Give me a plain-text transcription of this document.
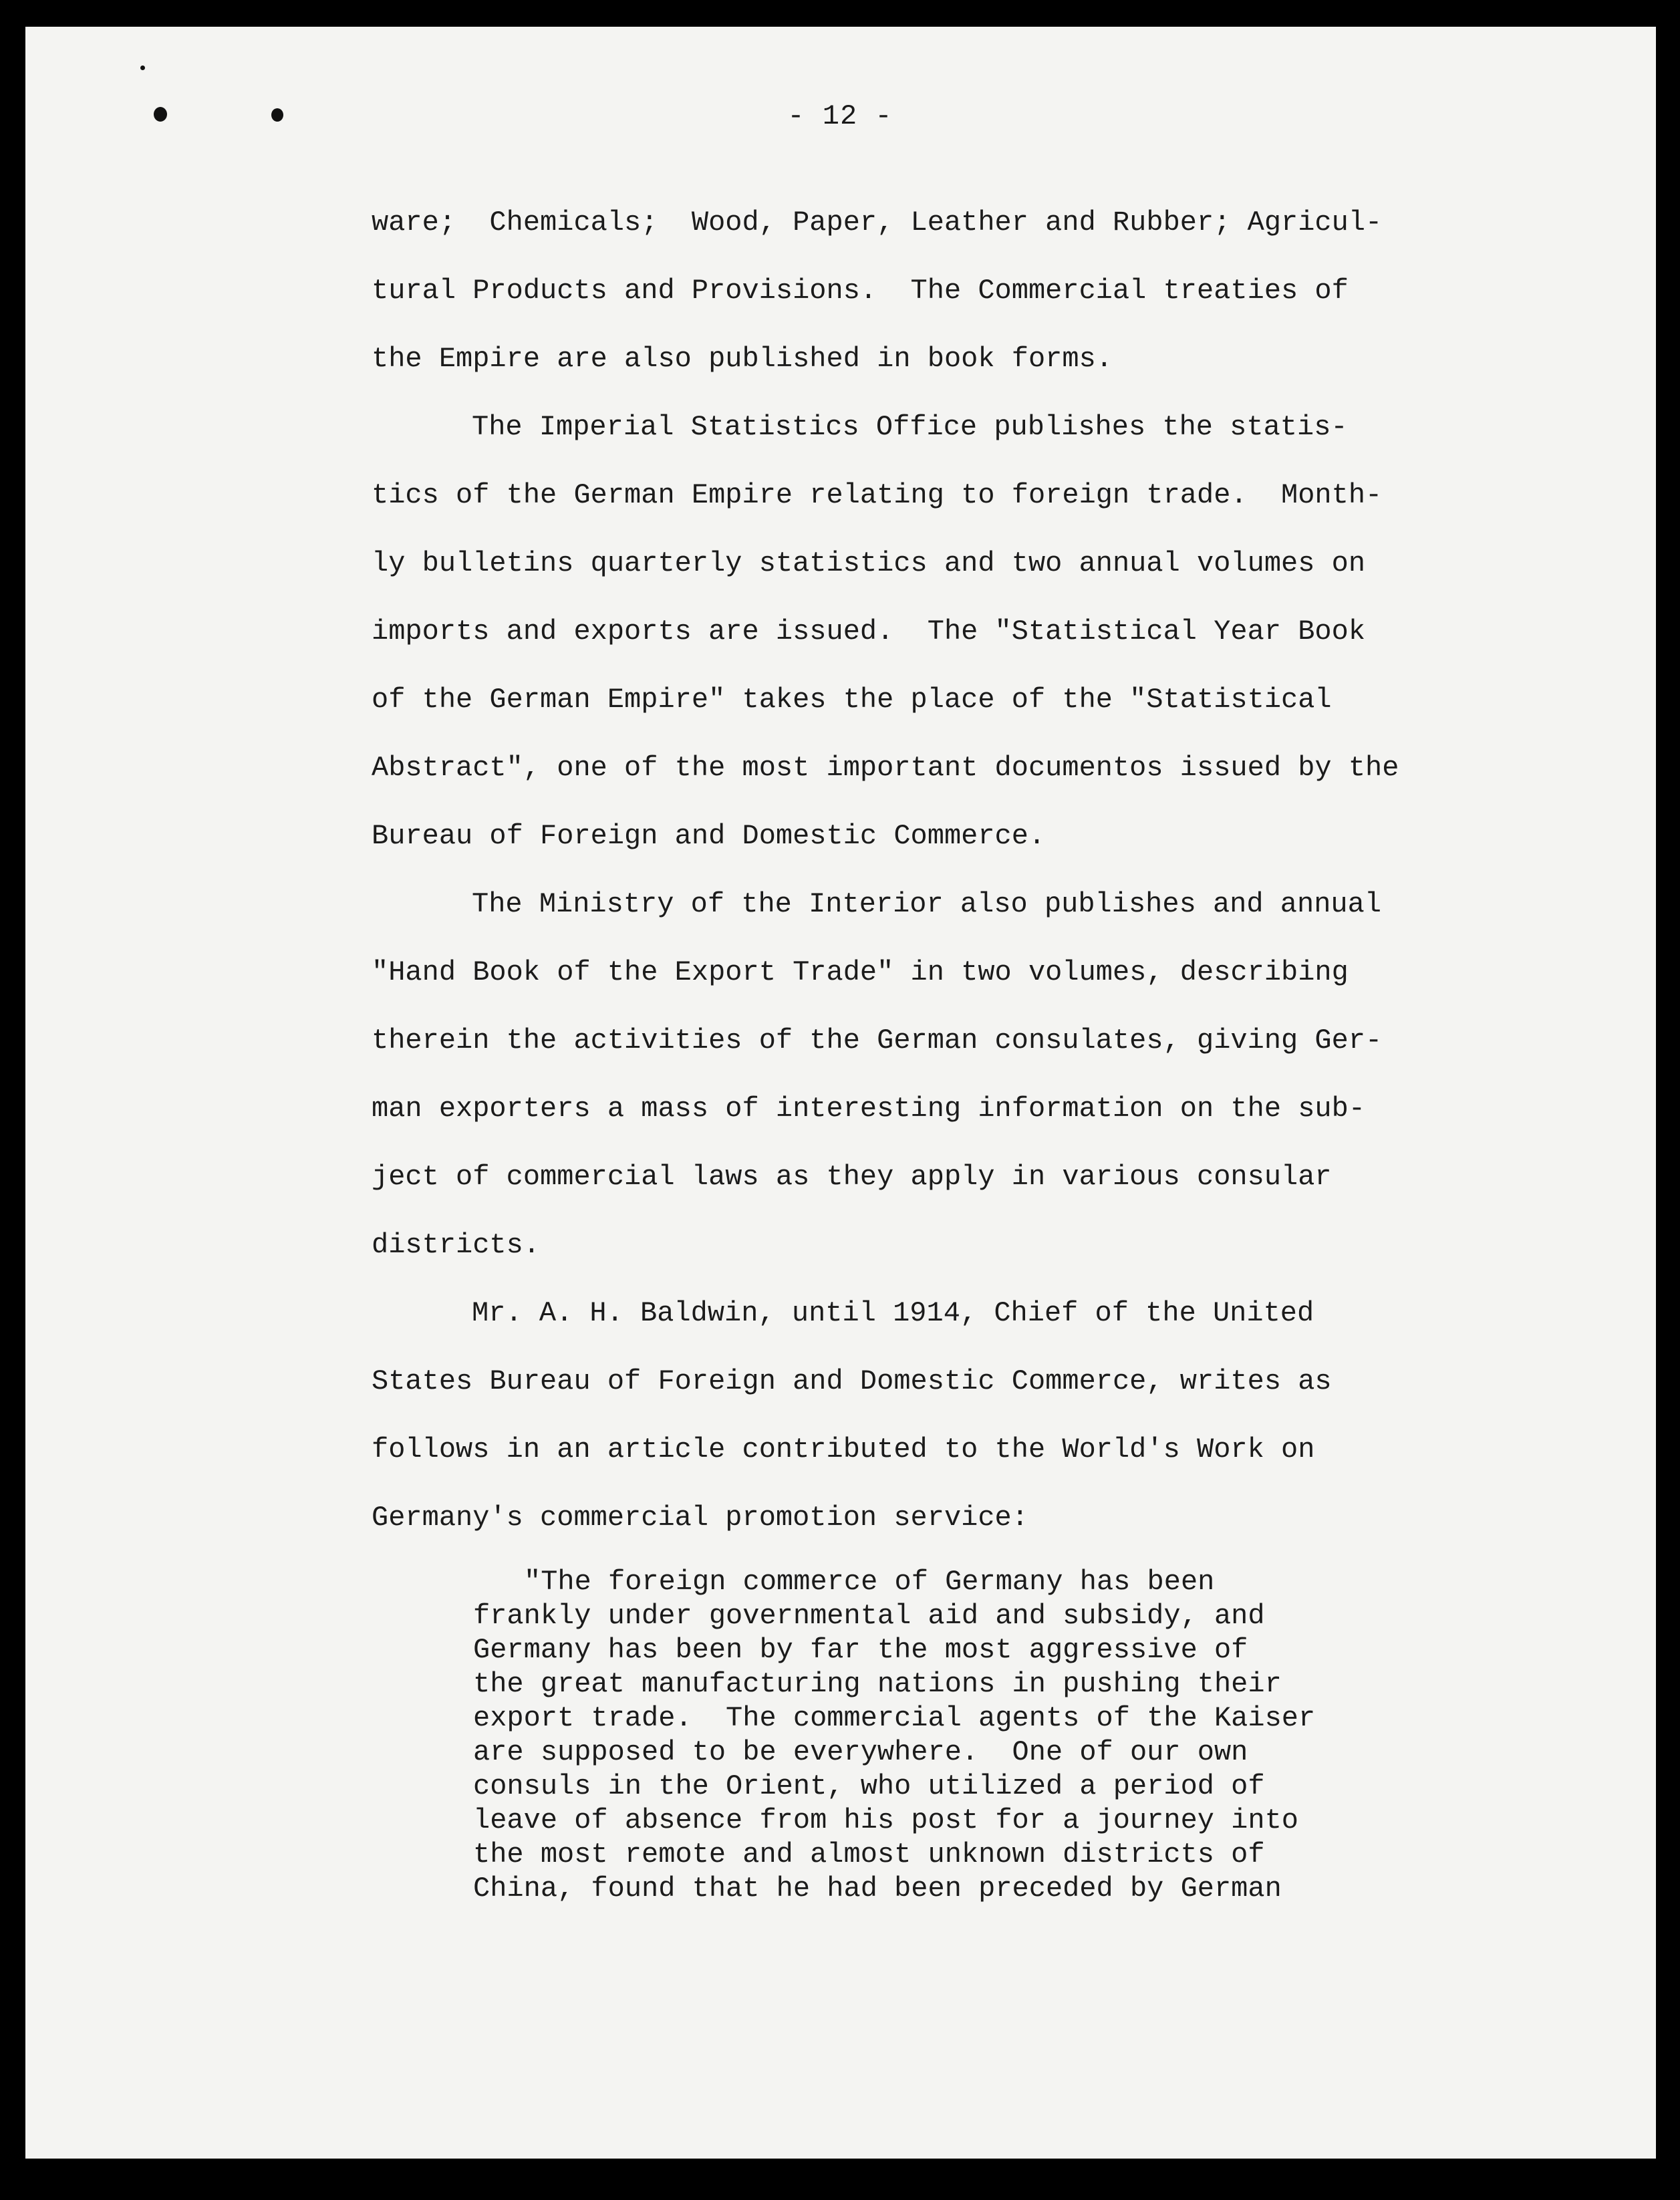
- 12 -
ware;  Chemicals;  Wood, Paper, Leather and Rubber; Agricul-
tural Products and Provisions.  The Commercial treaties of
the Empire are also published in book forms.
The Imperial Statistics Office publishes the statis-
tics of the German Empire relating to foreign trade.  Month-
ly bulletins quarterly statistics and two annual volumes on
imports and exports are issued.  The "Statistical Year Book
of the German Empire" takes the place of the "Statistical
Abstract", one of the most important documentos issued by the
Bureau of Foreign and Domestic Commerce.
The Ministry of the Interior also publishes and annual
"Hand Book of the Export Trade" in two volumes, describing
therein the activities of the German consulates, giving Ger-
man exporters a mass of interesting information on the sub-
ject of commercial laws as they apply in various consular
districts.
Mr. A. H. Baldwin, until 1914, Chief of the United
States Bureau of Foreign and Domestic Commerce, writes as
follows in an article contributed to the World's Work on
Germany's commercial promotion service:
"The foreign commerce of Germany has been
frankly under governmental aid and subsidy, and
Germany has been by far the most aggressive of
the great manufacturing nations in pushing their
export trade.  The commercial agents of the Kaiser
are supposed to be everywhere.  One of our own
consuls in the Orient, who utilized a period of
leave of absence from his post for a journey into
the most remote and almost unknown districts of
China, found that he had been preceded by German
